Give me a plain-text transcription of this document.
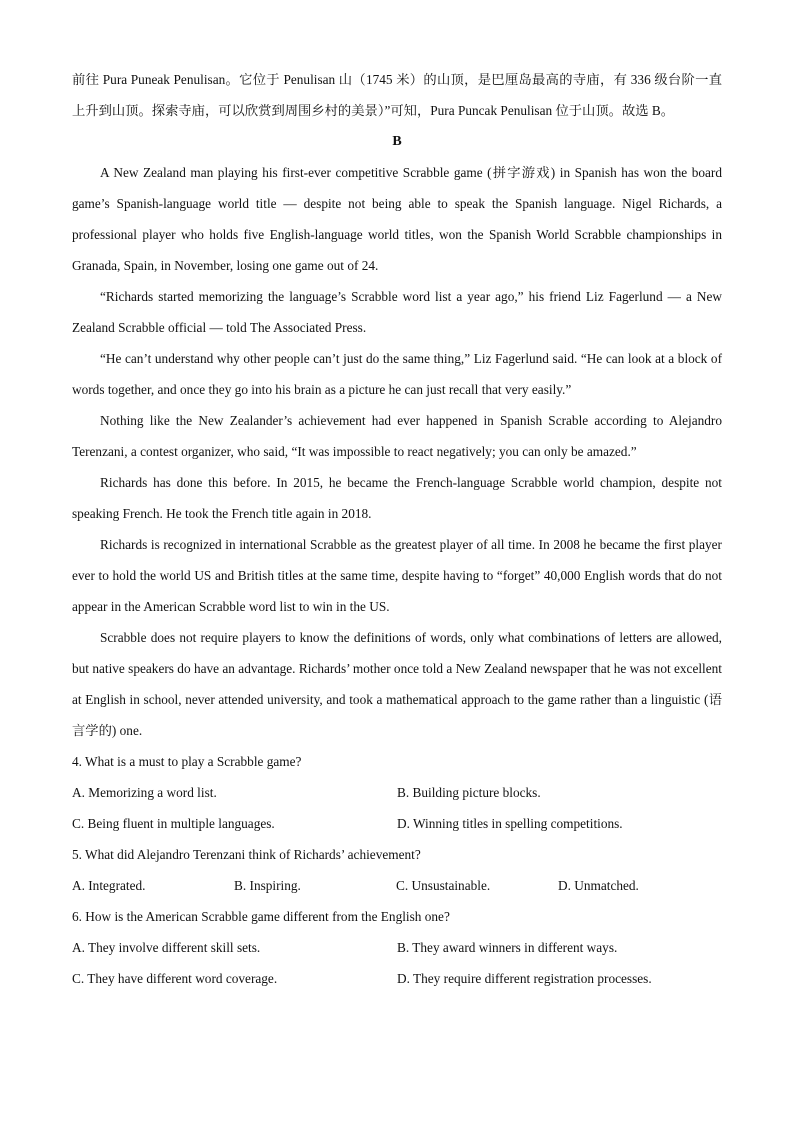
前往 Pura Puneak Penulisan。它位于 Penulisan 山（1745 米）的山顶，是巴厘岛最高的寺庙，有 336 级台阶一直上升到山顶。探索寺庙，可以欣赏到周围乡村的美景）”可知，Pura Puncak Penulisan 位于山顶。故选 B。

B

A New Zealand man playing his first-ever competitive Scrabble game (拼字游戏) in Spanish has won the board game’s Spanish-language world title — despite not being able to speak the Spanish language. Nigel Richards, a professional player who holds five English-language world titles, won the Spanish World Scrabble championships in Granada, Spain, in November, losing one game out of 24.

“Richards started memorizing the language’s Scrabble word list a year ago,” his friend Liz Fagerlund — a New Zealand Scrabble official — told The Associated Press.

“He can’t understand why other people can’t just do the same thing,” Liz Fagerlund said. “He can look at a block of words together, and once they go into his brain as a picture he can just recall that very easily.”

Nothing like the New Zealander’s achievement had ever happened in Spanish Scrable according to Alejandro Terenzani, a contest organizer, who said, “It was impossible to react negatively; you can only be amazed.”

Richards has done this before. In 2015, he became the French-language Scrabble world champion, despite not speaking French. He took the French title again in 2018.

Richards is recognized in international Scrabble as the greatest player of all time. In 2008 he became the first player ever to hold the world US and British titles at the same time, despite having to “forget” 40,000 English words that do not appear in the American Scrabble word list to win in the US.

Scrabble does not require players to know the definitions of words, only what combinations of letters are allowed, but native speakers do have an advantage. Richards’ mother once told a New Zealand newspaper that he was not excellent at English in school, never attended university, and took a mathematical approach to the game rather than a linguistic (语言学的) one.

4. What is a must to play a Scrabble game?

A. Memorizing a word list.	B. Building picture blocks.
C. Being fluent in multiple languages.	D. Winning titles in spelling competitions.

5. What did Alejandro Terenzani think of Richards’ achievement?

A. Integrated.	B. Inspiring.	C. Unsustainable.	D. Unmatched.

6. How is the American Scrabble game different from the English one?

A. They involve different skill sets.	B. They award winners in different ways.
C. They have different word coverage.	D. They require different registration processes.
